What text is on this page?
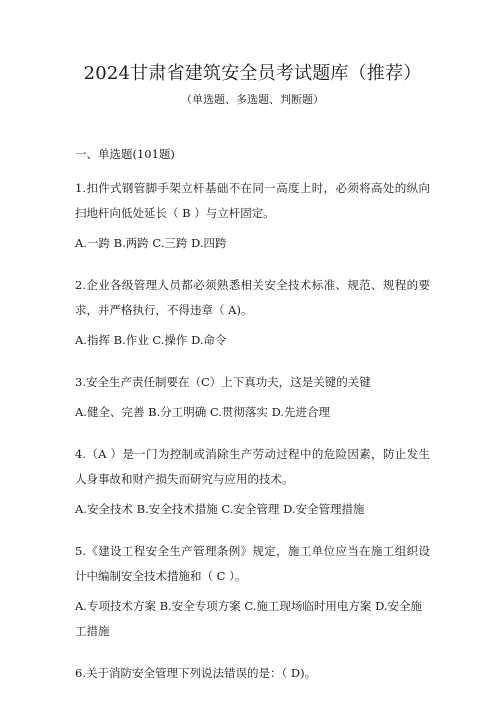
2024甘肃省建筑安全员考试题库（推荐）
（单选题、多选题、判断题）
一、单选题(101题)
1.扣件式钢管脚手架立杆基础不在同一高度上时，必须将高处的纵向扫地杆向低处延长（ B ）与立杆固定。
A.一跨 B.两跨 C.三跨 D.四跨
2.企业各级管理人员都必须熟悉相关安全技术标准、规范、规程的要求，并严格执行，不得违章（ A)。
A.指挥 B.作业 C.操作 D.命令
3.安全生产责任制要在（C）上下真功夫，这是关键的关键
A.健全、完善 B.分工明确 C.贯彻落实 D.先进合理
4.（A ）是一门为控制或消除生产劳动过程中的危险因素，防止发生人身事故和财产损失而研究与应用的技术。
A.安全技术 B.安全技术措施 C.安全管理 D.安全管理措施
5.《建设工程安全生产管理条例》规定，施工单位应当在施工组织设计中编制安全技术措施和（ C ）。
A.专项技术方案 B.安全专项方案 C.施工现场临时用电方案 D.安全施工措施
6.关于消防安全管理下列说法错误的是：（ D)。
